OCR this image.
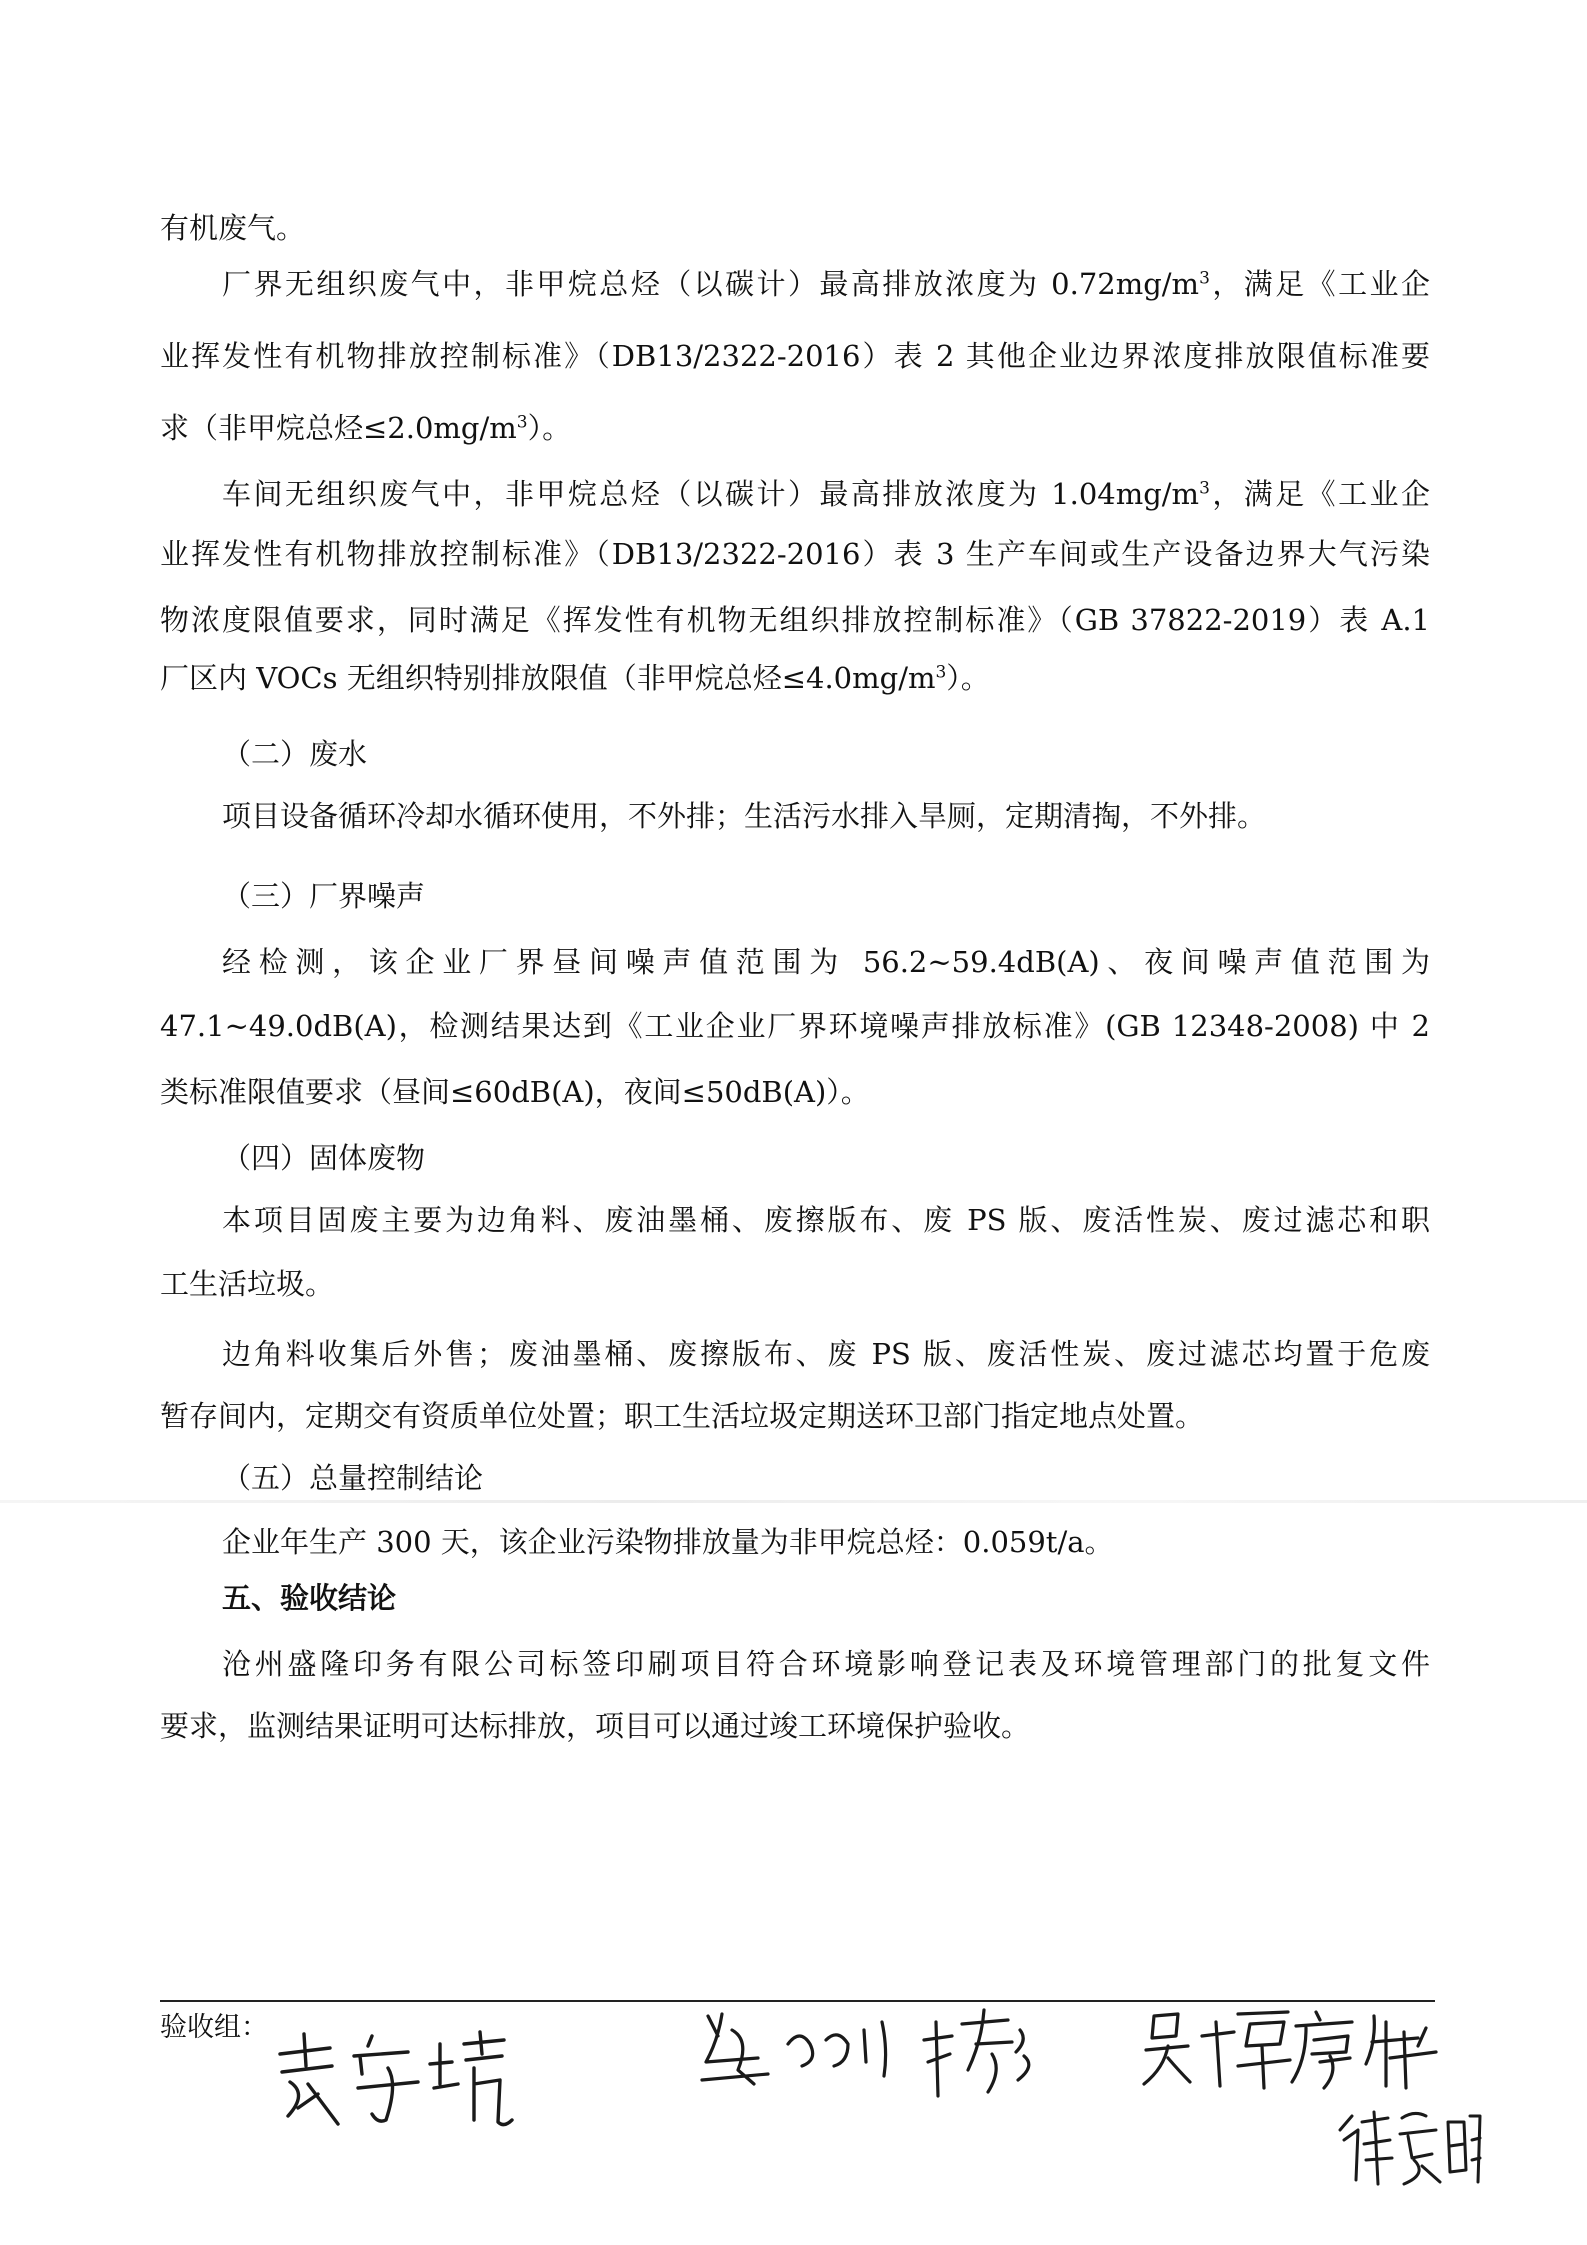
有机废气。
厂界无组织废气中，非甲烷总烃（以碳计）最高排放浓度为 $0.72mg/m^3$，满足《工业企
业挥发性有机物排放控制标准》（DB13/2322-2016）表 2 其他企业边界浓度排放限值标准要
求（非甲烷总烃$\le 2.0mg/m^3$）。
车间无组织废气中，非甲烷总烃（以碳计）最高排放浓度为 $1.04mg/m^3$，满足《工业企
业挥发性有机物排放控制标准》（DB13/2322-2016）表 3 生产车间或生产设备边界大气污染
物浓度限值要求，同时满足《挥发性有机物无组织排放控制标准》（GB 37822-2019）表 A.1
厂区内 VOCs 无组织特别排放限值（非甲烷总烃$\le 4.0mg/m^3$）。
（二）废水
项目设备循环冷却水循环使用，不外排；生活污水排入旱厕，定期清掏，不外排。
（三）厂界噪声
经检测，该企业厂界昼间噪声值范围为 56.2~59.4dB(A)、夜间噪声值范围为
47.1~49.0dB(A)，检测结果达到《工业企业厂界环境噪声排放标准》(GB 12348-2008) 中 2
类标准限值要求（昼间≤60dB(A)，夜间≤50dB(A)）。
（四）固体废物
本项目固废主要为边角料、废油墨桶、废擦版布、废 PS 版、废活性炭、废过滤芯和职
工生活垃圾。
边角料收集后外售；废油墨桶、废擦版布、废 PS 版、废活性炭、废过滤芯均置于危废
暂存间内，定期交有资质单位处置；职工生活垃圾定期送环卫部门指定地点处置。
（五）总量控制结论
企业年生产 300 天，该企业污染物排放量为非甲烷总烃：0.059t/a。
五、验收结论
沧州盛隆印务有限公司标签印刷项目符合环境影响登记表及环境管理部门的批复文件
要求，监测结果证明可达标排放，项目可以通过竣工环境保护验收。
验收组：
